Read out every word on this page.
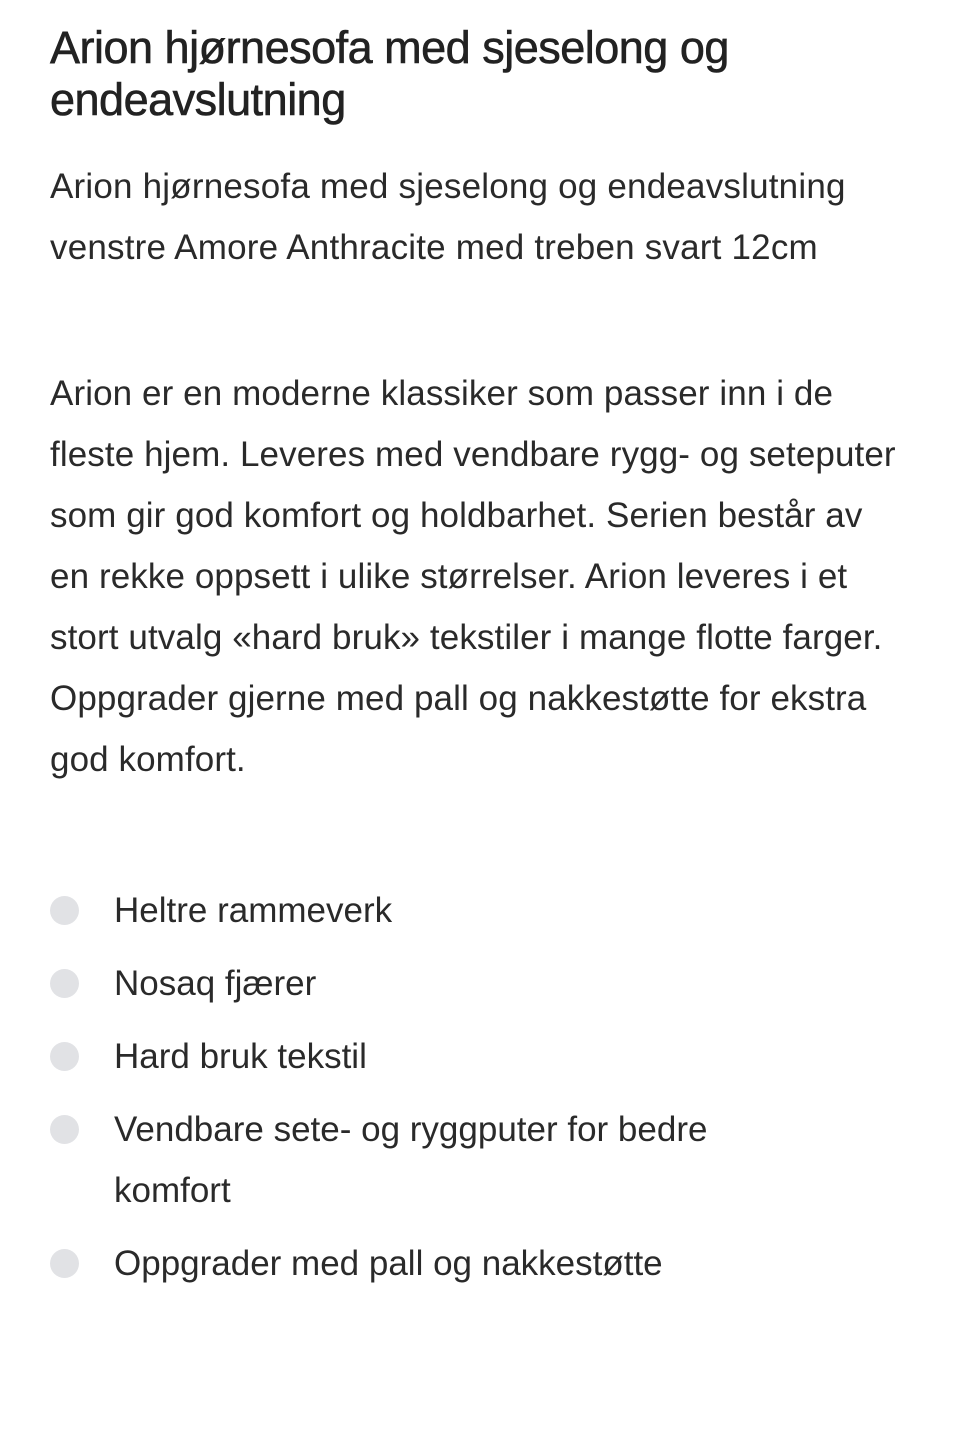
Arion hjørnesofa med sjeselong og
endeavslutning

Arion hjørnesofa med sjeselong og endeavslutning venstre Amore Anthracite med treben svart 12cm

Arion er en moderne klassiker som passer inn i de fleste hjem. Leveres med vendbare rygg- og seteputer som gir god komfort og holdbarhet. Serien består av en rekke oppsett i ulike størrelser. Arion leveres i et stort utvalg «hard bruk» tekstiler i mange flotte farger. Oppgrader gjerne med pall og nakkestøtte for ekstra god komfort.

Heltre rammeverk
Nosaq fjærer
Hard bruk tekstil
Vendbare sete- og ryggputer for bedre komfort
Oppgrader med pall og nakkestøtte
